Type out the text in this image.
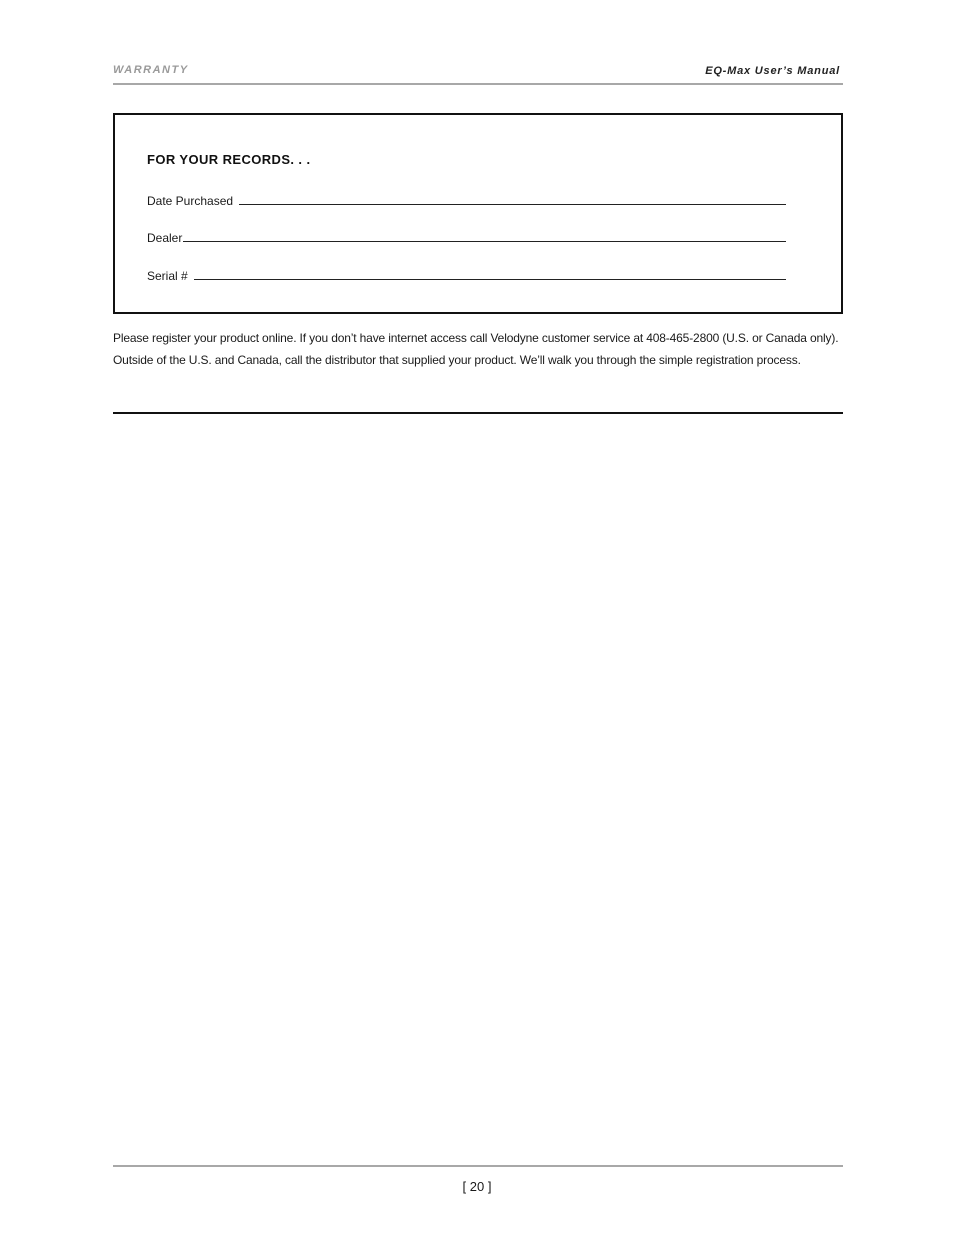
WARRANTY	EQ-Max User’s Manual
FOR YOUR RECORDS. . .
Date Purchased
Dealer
Serial #
Please register your product online. If you don’t have internet access call Velodyne customer service at 408-465-2800 (U.S. or Canada only).
Outside of the U.S. and Canada, call the distributor that supplied your product. We’ll walk you through the simple registration process.
[ 20 ]
